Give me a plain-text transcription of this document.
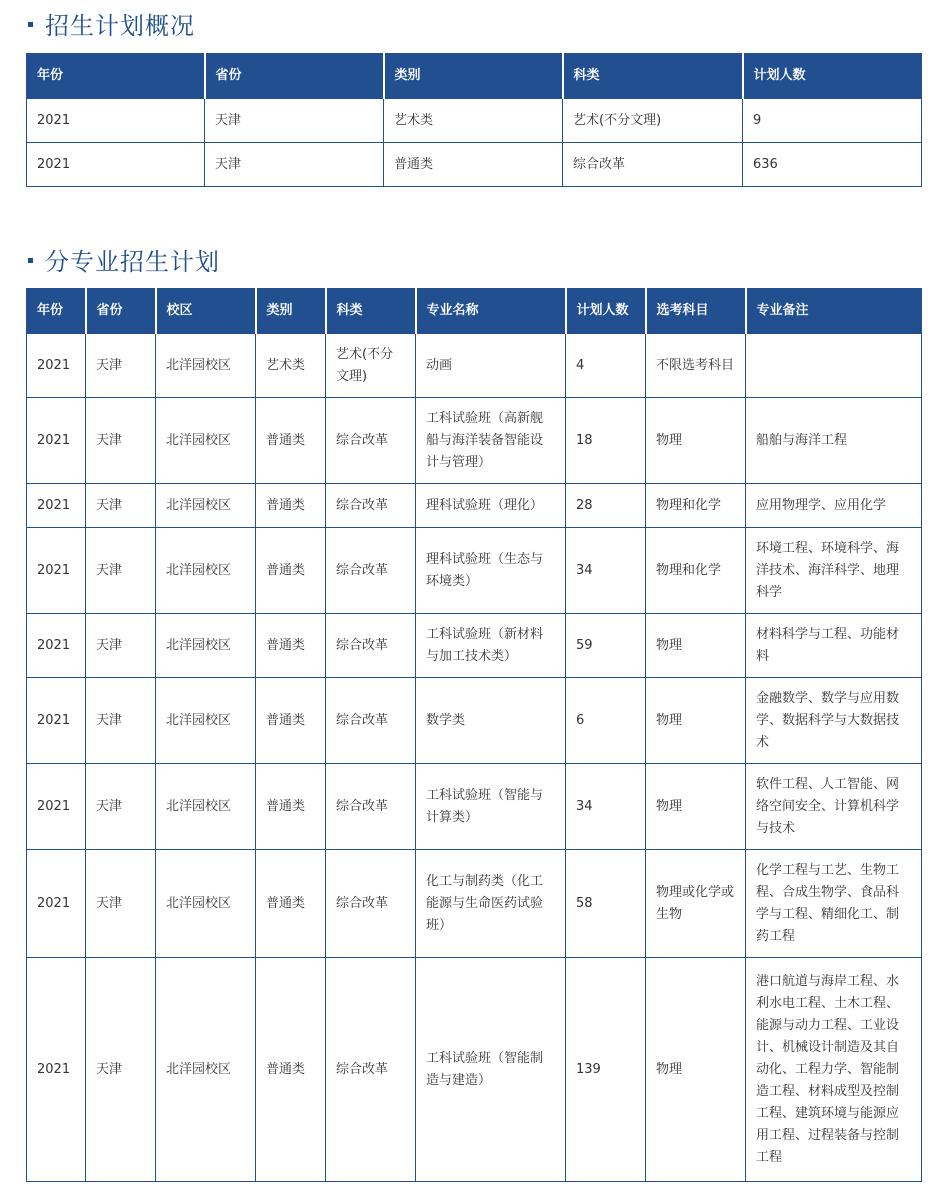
招生计划概况
年份	省份	类别	科类	计划人数
2021	天津	艺术类	艺术(不分文理)	9
2021	天津	普通类	综合改革	636
分专业招生计划
年份	省份	校区	类别	科类	专业名称	计划人数	选考科目	专业备注
2021	天津	北洋园校区	艺术类	艺术(不分文理)	动画	4	不限选考科目	
2021	天津	北洋园校区	普通类	综合改革	工科试验班（高新舰船与海洋装备智能设计与管理）	18	物理	船舶与海洋工程
2021	天津	北洋园校区	普通类	综合改革	理科试验班（理化）	28	物理和化学	应用物理学、应用化学
2021	天津	北洋园校区	普通类	综合改革	理科试验班（生态与环境类）	34	物理和化学	环境工程、环境科学、海洋技术、海洋科学、地理科学
2021	天津	北洋园校区	普通类	综合改革	工科试验班（新材料与加工技术类）	59	物理	材料科学与工程、功能材料
2021	天津	北洋园校区	普通类	综合改革	数学类	6	物理	金融数学、数学与应用数学、数据科学与大数据技术
2021	天津	北洋园校区	普通类	综合改革	工科试验班（智能与计算类）	34	物理	软件工程、人工智能、网络空间安全、计算机科学与技术
2021	天津	北洋园校区	普通类	综合改革	化工与制药类（化工能源与生命医药试验班）	58	物理或化学或生物	化学工程与工艺、生物工程、合成生物学、食品科学与工程、精细化工、制药工程
2021	天津	北洋园校区	普通类	综合改革	工科试验班（智能制造与建造）	139	物理	港口航道与海岸工程、水利水电工程、土木工程、能源与动力工程、工业设计、机械设计制造及其自动化、工程力学、智能制造工程、材料成型及控制工程、建筑环境与能源应用工程、过程装备与控制工程
